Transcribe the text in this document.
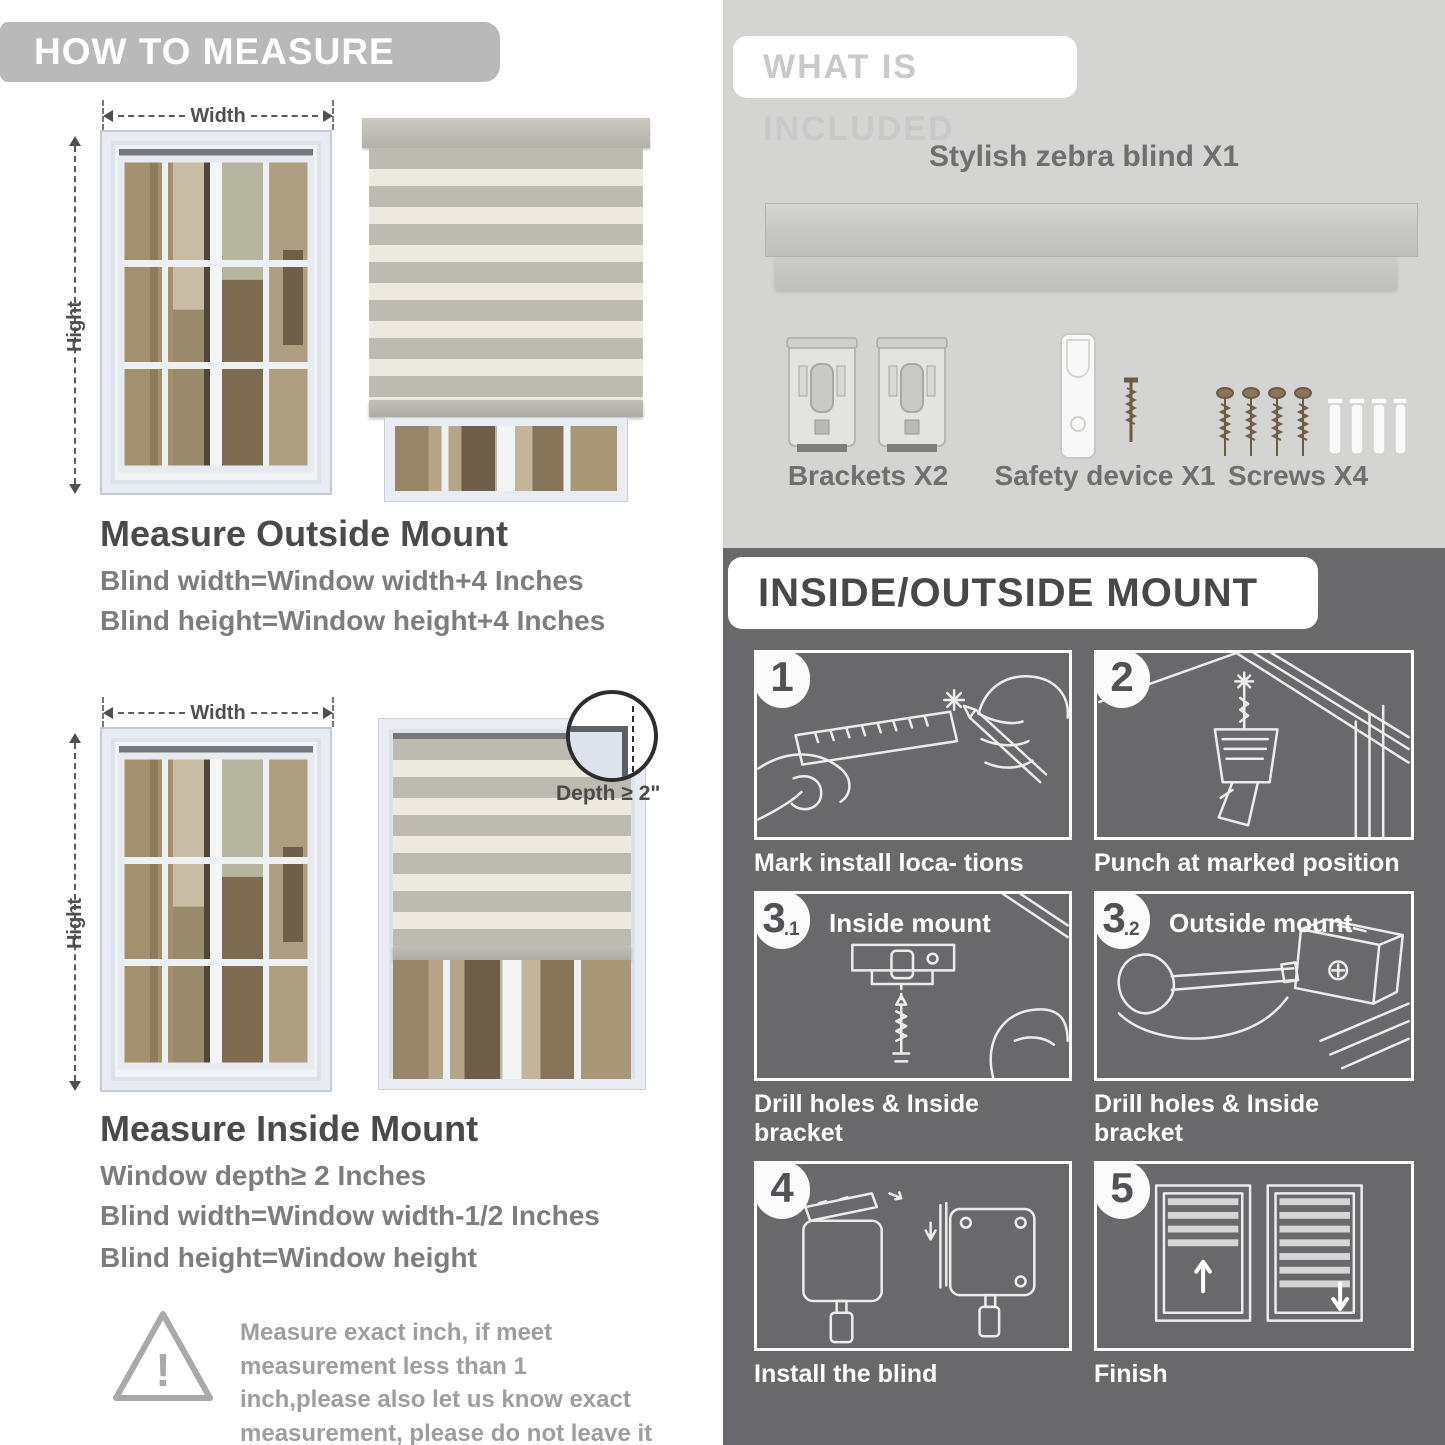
HOW TO MEASURE
Width
Hight
Measure Outside Mount
Blind width=Window width+4 Inches
Blind height=Window height+4 Inches
Width
Hight
Depth ≥ 2"
Measure Inside Mount
Window depth≥ 2 Inches
Blind width=Window width-1/2 Inches
Blind height=Window height
!
Measure exact inch, if meet measurement less than 1 inch,please also let us know exact measurement, please do not leave it
WHAT IS INCLUDED
Stylish zebra blind X1
Brackets X2	Safety device X1 Screws X4
INSIDE/OUTSIDE MOUNT
1
Mark install loca- tions
2
Punch at marked position
3.1	Inside mount
Drill holes & Inside bracket
3.2	Outside mount
Drill holes & Inside bracket
4
Install the blind
5
Finish
